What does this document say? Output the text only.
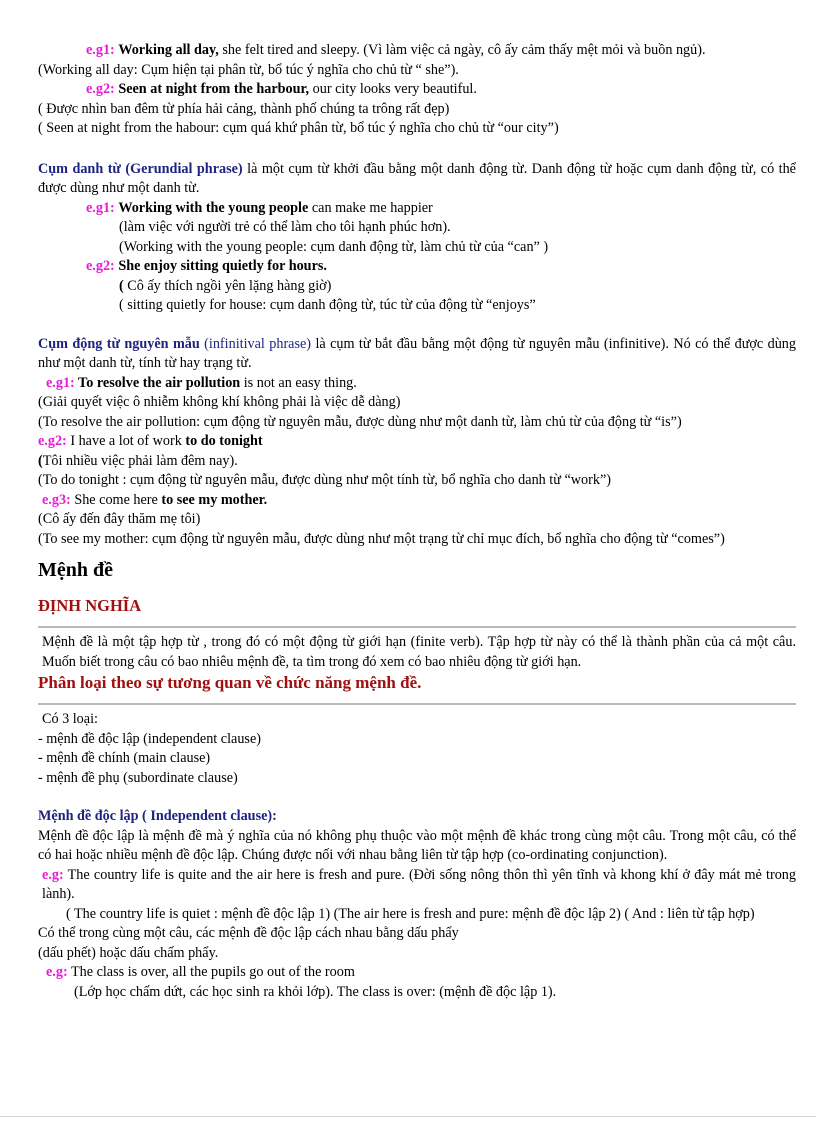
e.g1: Working all day, she felt tired and sleepy. (Vì làm việc cả ngày, cô ấy cảm thấy mệt mỏi và buồn ngủ).

(Working all day: Cụm hiện tại phân từ, bổ túc ý nghĩa cho chủ từ “ she”).

e.g2: Seen at night from the harbour, our city looks very beautiful.

( Được nhìn ban đêm từ phía hải cảng, thành phố chúng ta trông rất đẹp)

( Seen at night from the habour: cụm quá khứ phân từ, bổ túc ý nghĩa cho chủ từ “our city”)

Cụm danh từ (Gerundial phrase) là một cụm từ khởi đầu bằng một danh động từ. Danh động từ hoặc cụm danh động từ, có thể được dùng như một danh từ.

e.g1: Working with the young people can make me happier

(làm việc với người trẻ có thể làm cho tôi hạnh phúc hơn).

(Working with the young people: cụm danh động từ, làm chủ từ của “can” )

e.g2: She enjoy sitting quietly for hours.

( Cô ấy thích ngồi yên lặng hàng giờ)

( sitting quietly for house: cụm danh động từ, túc từ của động từ “enjoys”

Cụm động từ nguyên mẫu (infinitival phrase) là cụm từ bắt đầu bằng một động từ nguyên mẫu (infinitive). Nó có thể được dùng như một danh từ, tính từ hay trạng từ.

e.g1: To resolve the air pollution is not an easy thing.

(Giải quyết việc ô nhiễm không khí không phải là việc dễ dàng)

(To resolve the air pollution: cụm động từ nguyên mẫu, được dùng như một danh từ, làm chủ từ của động từ “is”)

e.g2: I have a lot of work to do tonight

(Tôi nhiều việc phải làm đêm nay).

(To do tonight : cụm động từ nguyên mẫu, được dùng như một tính từ, bổ nghĩa cho danh từ “work”)

e.g3: She come here to see my mother.

(Cô ấy đến đây thăm mẹ tôi)

(To see my mother: cụm động từ nguyên mẫu, được dùng như một trạng từ chỉ mục đích, bổ nghĩa cho động từ “comes”)

Mệnh đề
ĐỊNH NGHĨA

Mệnh đề là một tập hợp từ , trong đó có một động từ giới hạn (finite verb). Tập hợp từ này có thể là thành phần của cả một câu. Muốn biết trong câu có bao nhiêu mệnh đề, ta tìm trong đó xem có bao nhiêu động từ giới hạn.

Phân loại theo sự tương quan về chức năng mệnh đề.

Có 3 loại:

- mệnh đề độc lập (independent clause)

- mệnh đề chính (main clause)

- mệnh đề phụ (subordinate clause)

Mệnh đề độc lập ( Independent clause):

Mệnh đề độc lập là mệnh đề mà ý nghĩa của nó không phụ thuộc vào một mệnh đề khác trong cùng một câu. Trong một câu, có thể có hai hoặc nhiều mệnh đề độc lập. Chúng được nối với nhau bằng liên từ tập hợp (co-ordinating conjunction).

e.g: The country life is quite and the air here is fresh and pure. (Đời sống nông thôn thì yên tĩnh và khong khí ở đây mát mẻ trong lành).

( The country life is quiet : mệnh đề độc lập 1) (The air here is fresh and pure: mệnh đề độc lập 2) ( And : liên từ tập hợp)

Có thể trong cùng một câu, các mệnh đề độc lập cách nhau bằng dấu phẩy

(dấu phết) hoặc dấu chấm phẩy.

e.g: The class is over, all the pupils go out of the room

(Lớp học chấm dứt, các học sinh ra khỏi lớp). The class is over: (mệnh đề độc lập 1).
